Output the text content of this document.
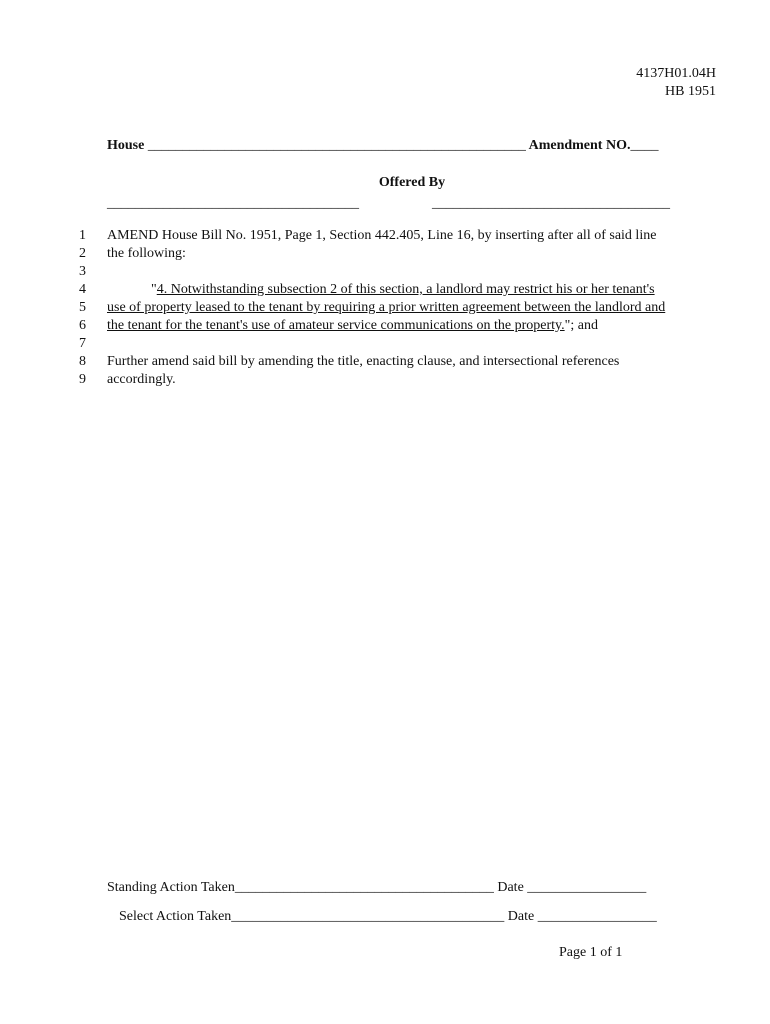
4137H01.04H
HB 1951
House ______________________________________________________ Amendment NO.____
Offered By
____________________________________	__________________________________
1 AMEND House Bill No. 1951, Page 1, Section 442.405, Line 16, by inserting after all of said line
2 the following:
3
4	"4. Notwithstanding subsection 2 of this section, a landlord may restrict his or her tenant's
5 use of property leased to the tenant by requiring a prior written agreement between the landlord and
6 the tenant for the tenant's use of amateur service communications on the property."; and
7
8 Further amend said bill by amending the title, enacting clause, and intersectional references
9 accordingly.
Standing Action Taken_____________________________________ Date _________________
Select Action Taken_______________________________________ Date _________________
Page 1 of 1
